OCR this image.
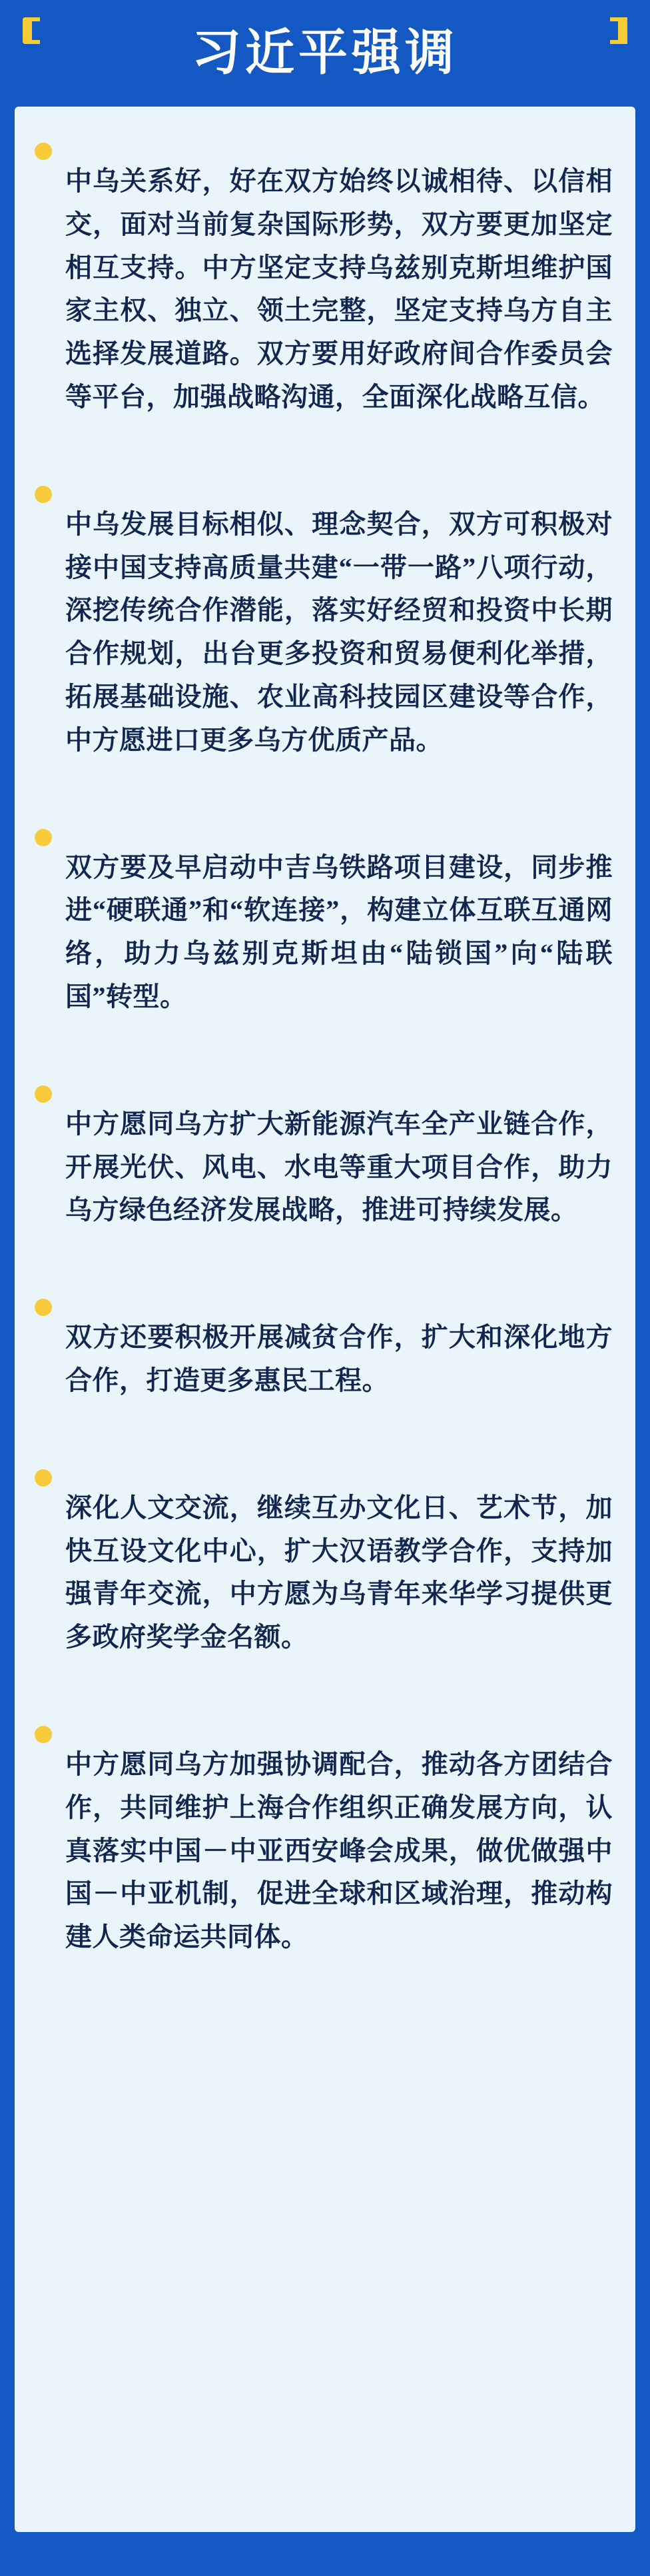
习近平强调

中乌关系好，好在双方始终以诚相待、以信相交，面对当前复杂国际形势，双方要更加坚定相互支持。中方坚定支持乌兹别克斯坦维护国家主权、独立、领土完整，坚定支持乌方自主选择发展道路。双方要用好政府间合作委员会等平台，加强战略沟通，全面深化战略互信。

中乌发展目标相似、理念契合，双方可积极对接中国支持高质量共建“一带一路”八项行动，深挖传统合作潜能，落实好经贸和投资中长期合作规划，出台更多投资和贸易便利化举措，拓展基础设施、农业高科技园区建设等合作，中方愿进口更多乌方优质产品。

双方要及早启动中吉乌铁路项目建设，同步推进“硬联通”和“软连接”，构建立体互联互通网络，助力乌兹别克斯坦由“陆锁国”向“陆联国”转型。

中方愿同乌方扩大新能源汽车全产业链合作，开展光伏、风电、水电等重大项目合作，助力乌方绿色经济发展战略，推进可持续发展。

双方还要积极开展减贫合作，扩大和深化地方合作，打造更多惠民工程。

深化人文交流，继续互办文化日、艺术节，加快互设文化中心，扩大汉语教学合作，支持加强青年交流，中方愿为乌青年来华学习提供更多政府奖学金名额。

中方愿同乌方加强协调配合，推动各方团结合作，共同维护上海合作组织正确发展方向，认真落实中国－中亚西安峰会成果，做优做强中国－中亚机制，促进全球和区域治理，推动构建人类命运共同体。
